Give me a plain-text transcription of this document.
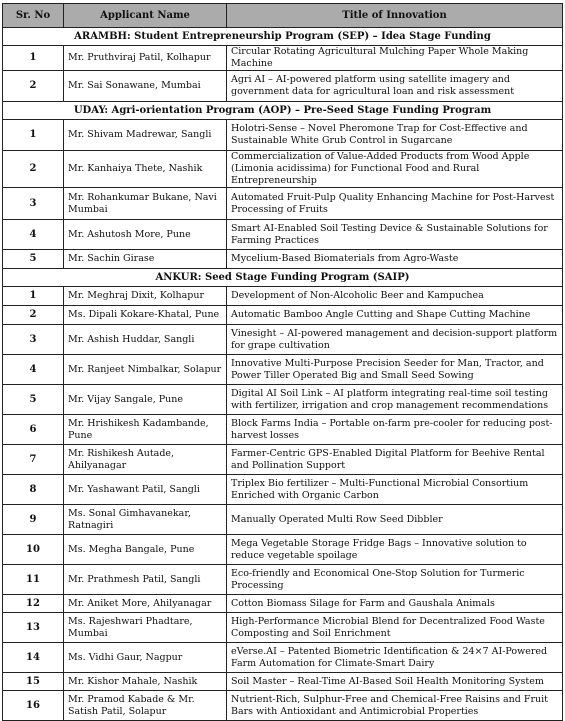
Sr. No	Applicant Name	Title of Innovation
ARAMBH: Student Entrepreneurship Program (SEP) – Idea Stage Funding		
1	Mr. Pruthviraj Patil, Kolhapur	Circular Rotating Agricultural Mulching Paper Whole Making Machine
2	Mr. Sai Sonawane, Mumbai	Agri AI – AI-powered platform using satellite imagery and government data for agricultural loan and risk assessment
UDAY: Agri-orientation Program (AOP) – Pre-Seed Stage Funding Program		
1	Mr. Shivam Madrewar, Sangli	Holotri-Sense – Novel Pheromone Trap for Cost-Effective and Sustainable White Grub Control in Sugarcane
2	Mr. Kanhaiya Thete, Nashik	Commercialization of Value-Added Products from Wood Apple (Limonia acidissima) for Functional Food and Rural Entrepreneurship
3	Mr. Rohankumar Bukane, Navi Mumbai	Automated Fruit-Pulp Quality Enhancing Machine for Post-Harvest Processing of Fruits
4	Mr. Ashutosh More, Pune	Smart AI-Enabled Soil Testing Device & Sustainable Solutions for Farming Practices
5	Mr. Sachin Girase	Mycelium-Based Biomaterials from Agro-Waste
ANKUR: Seed Stage Funding Program (SAIP)		
1	Mr. Meghraj Dixit, Kolhapur	Development of Non-Alcoholic Beer and Kampuchea
2	Ms. Dipali Kokare-Khatal, Pune	Automatic Bamboo Angle Cutting and Shape Cutting Machine
3	Mr. Ashish Huddar, Sangli	Vinesight – AI-powered management and decision-support platform for grape cultivation
4	Mr. Ranjeet Nimbalkar, Solapur	Innovative Multi-Purpose Precision Seeder for Man, Tractor, and Power Tiller Operated Big and Small Seed Sowing
5	Mr. Vijay Sangale, Pune	Digital AI Soil Link – AI platform integrating real-time soil testing with fertilizer, irrigation and crop management recommendations
6	Mr. Hrishikesh Kadambande, Pune	Block Farms India – Portable on-farm pre-cooler for reducing post-harvest losses
7	Mr. Rishikesh Autade, Ahilyanagar	Farmer-Centric GPS-Enabled Digital Platform for Beehive Rental and Pollination Support
8	Mr. Yashawant Patil, Sangli	Triplex Bio fertilizer – Multi-Functional Microbial Consortium Enriched with Organic Carbon
9	Ms. Sonal Gimhavanekar, Ratnagiri	Manually Operated Multi Row Seed Dibbler
10	Ms. Megha Bangale, Pune	Mega Vegetable Storage Fridge Bags – Innovative solution to reduce vegetable spoilage
11	Mr. Prathmesh Patil, Sangli	Eco-friendly and Economical One-Stop Solution for Turmeric Processing
12	Mr. Aniket More, Ahilyanagar	Cotton Biomass Silage for Farm and Gaushala Animals
13	Ms. Rajeshwari Phadtare, Mumbai	High-Performance Microbial Blend for Decentralized Food Waste Composting and Soil Enrichment
14	Ms. Vidhi Gaur, Nagpur	eVerse.AI – Patented Biometric Identification & 24×7 AI-Powered Farm Automation for Climate-Smart Dairy
15	Mr. Kishor Mahale, Nashik	Soil Master – Real-Time AI-Based Soil Health Monitoring System
16	Mr. Pramod Kabade & Mr. Satish Patil, Solapur	Nutrient-Rich, Sulphur-Free and Chemical-Free Raisins and Fruit Bars with Antioxidant and Antimicrobial Properties
